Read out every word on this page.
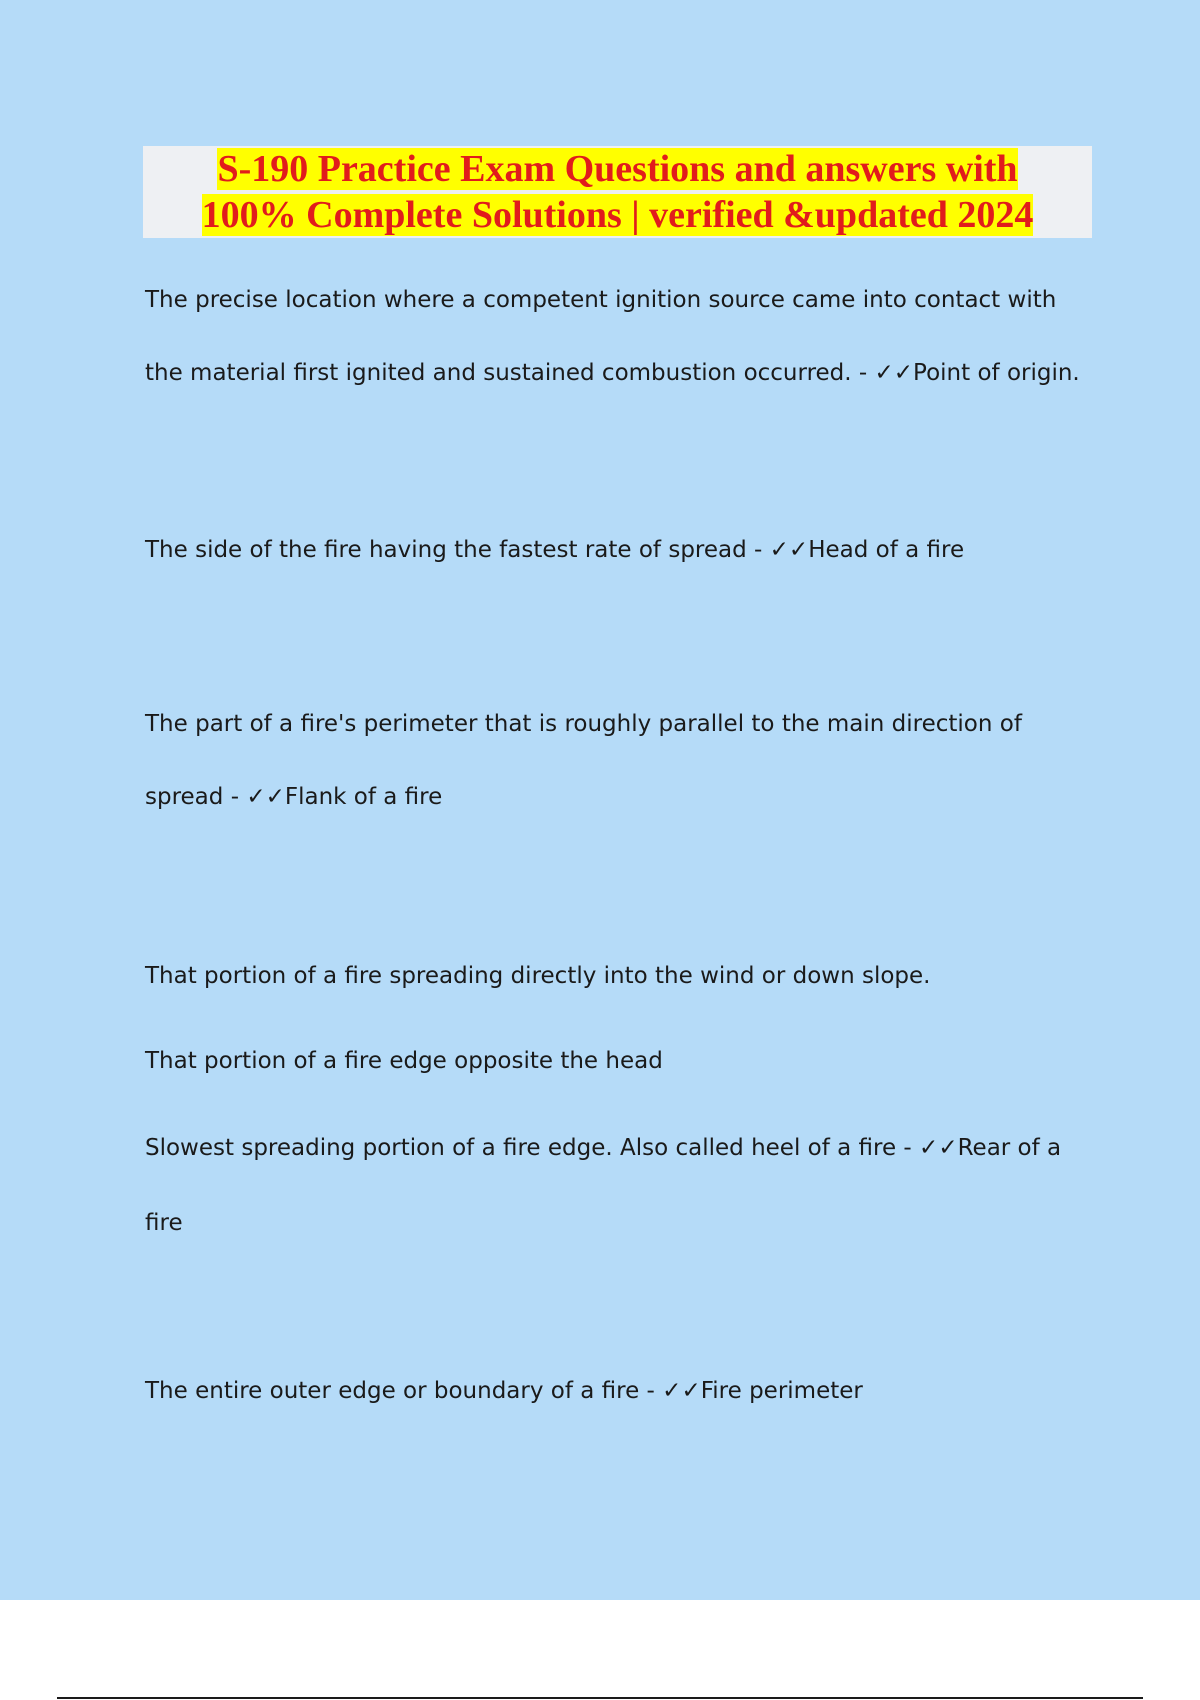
S-190 Practice Exam Questions and answers with
100% Complete Solutions | verified &updated 2024
The precise location where a competent ignition source came into contact with
the material first ignited and sustained combustion occurred. - ✓✓Point of origin.
The side of the fire having the fastest rate of spread - ✓✓Head of a fire
The part of a fire's perimeter that is roughly parallel to the main direction of
spread - ✓✓Flank of a fire
That portion of a fire spreading directly into the wind or down slope.
That portion of a fire edge opposite the head
Slowest spreading portion of a fire edge. Also called heel of a fire - ✓✓Rear of a
fire
The entire outer edge or boundary of a fire - ✓✓Fire perimeter
